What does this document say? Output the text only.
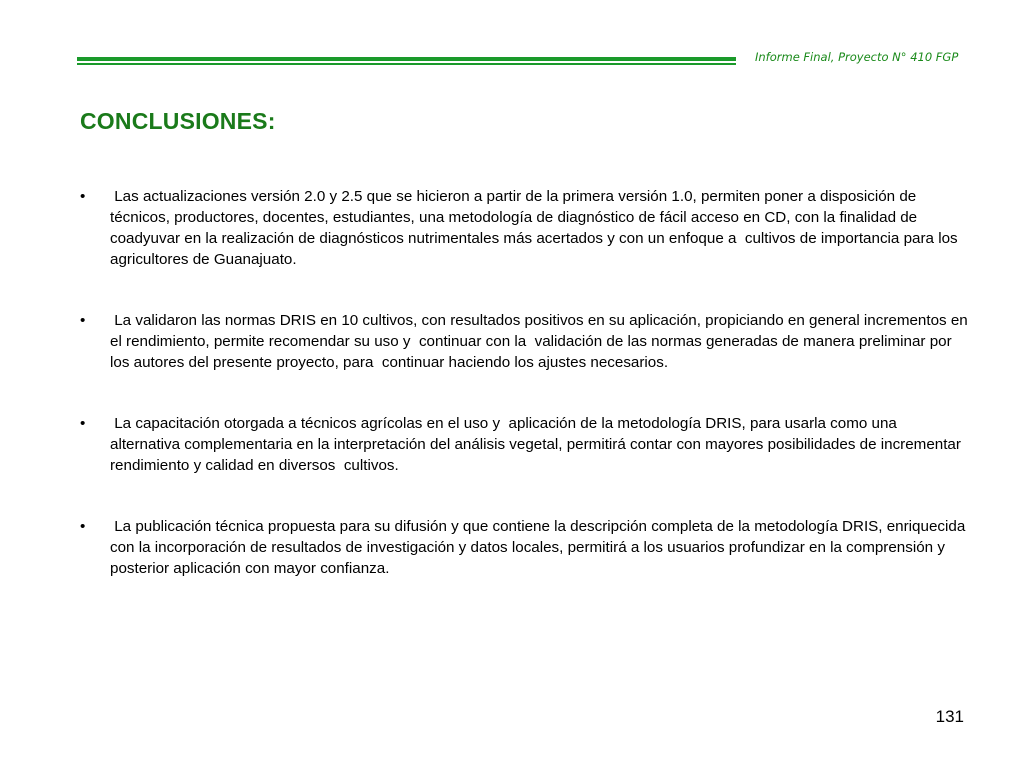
Informe Final, Proyecto N° 410 FGP
CONCLUSIONES:
• Las actualizaciones versión 2.0 y 2.5 que se hicieron a partir de la primera versión 1.0, permiten poner a disposición de técnicos, productores, docentes, estudiantes, una metodología de diagnóstico de fácil acceso en CD, con la finalidad de coadyuvar en la realización de diagnósticos nutrimentales más acertados y con un enfoque a  cultivos de importancia para los agricultores de Guanajuato.
• La validaron las normas DRIS en 10 cultivos, con resultados positivos en su aplicación, propiciando en general incrementos en el rendimiento, permite recomendar su uso y  continuar con la  validación de las normas generadas de manera preliminar por los autores del presente proyecto, para  continuar haciendo los ajustes necesarios.
• La capacitación otorgada a técnicos agrícolas en el uso y  aplicación de la metodología DRIS, para usarla como una alternativa complementaria en la interpretación del análisis vegetal, permitirá contar con mayores posibilidades de incrementar rendimiento y calidad en diversos  cultivos.
• La publicación técnica propuesta para su difusión y que contiene la descripción completa de la metodología DRIS, enriquecida con la incorporación de resultados de investigación y datos locales, permitirá a los usuarios profundizar en la comprensión y posterior aplicación con mayor confianza.
131
